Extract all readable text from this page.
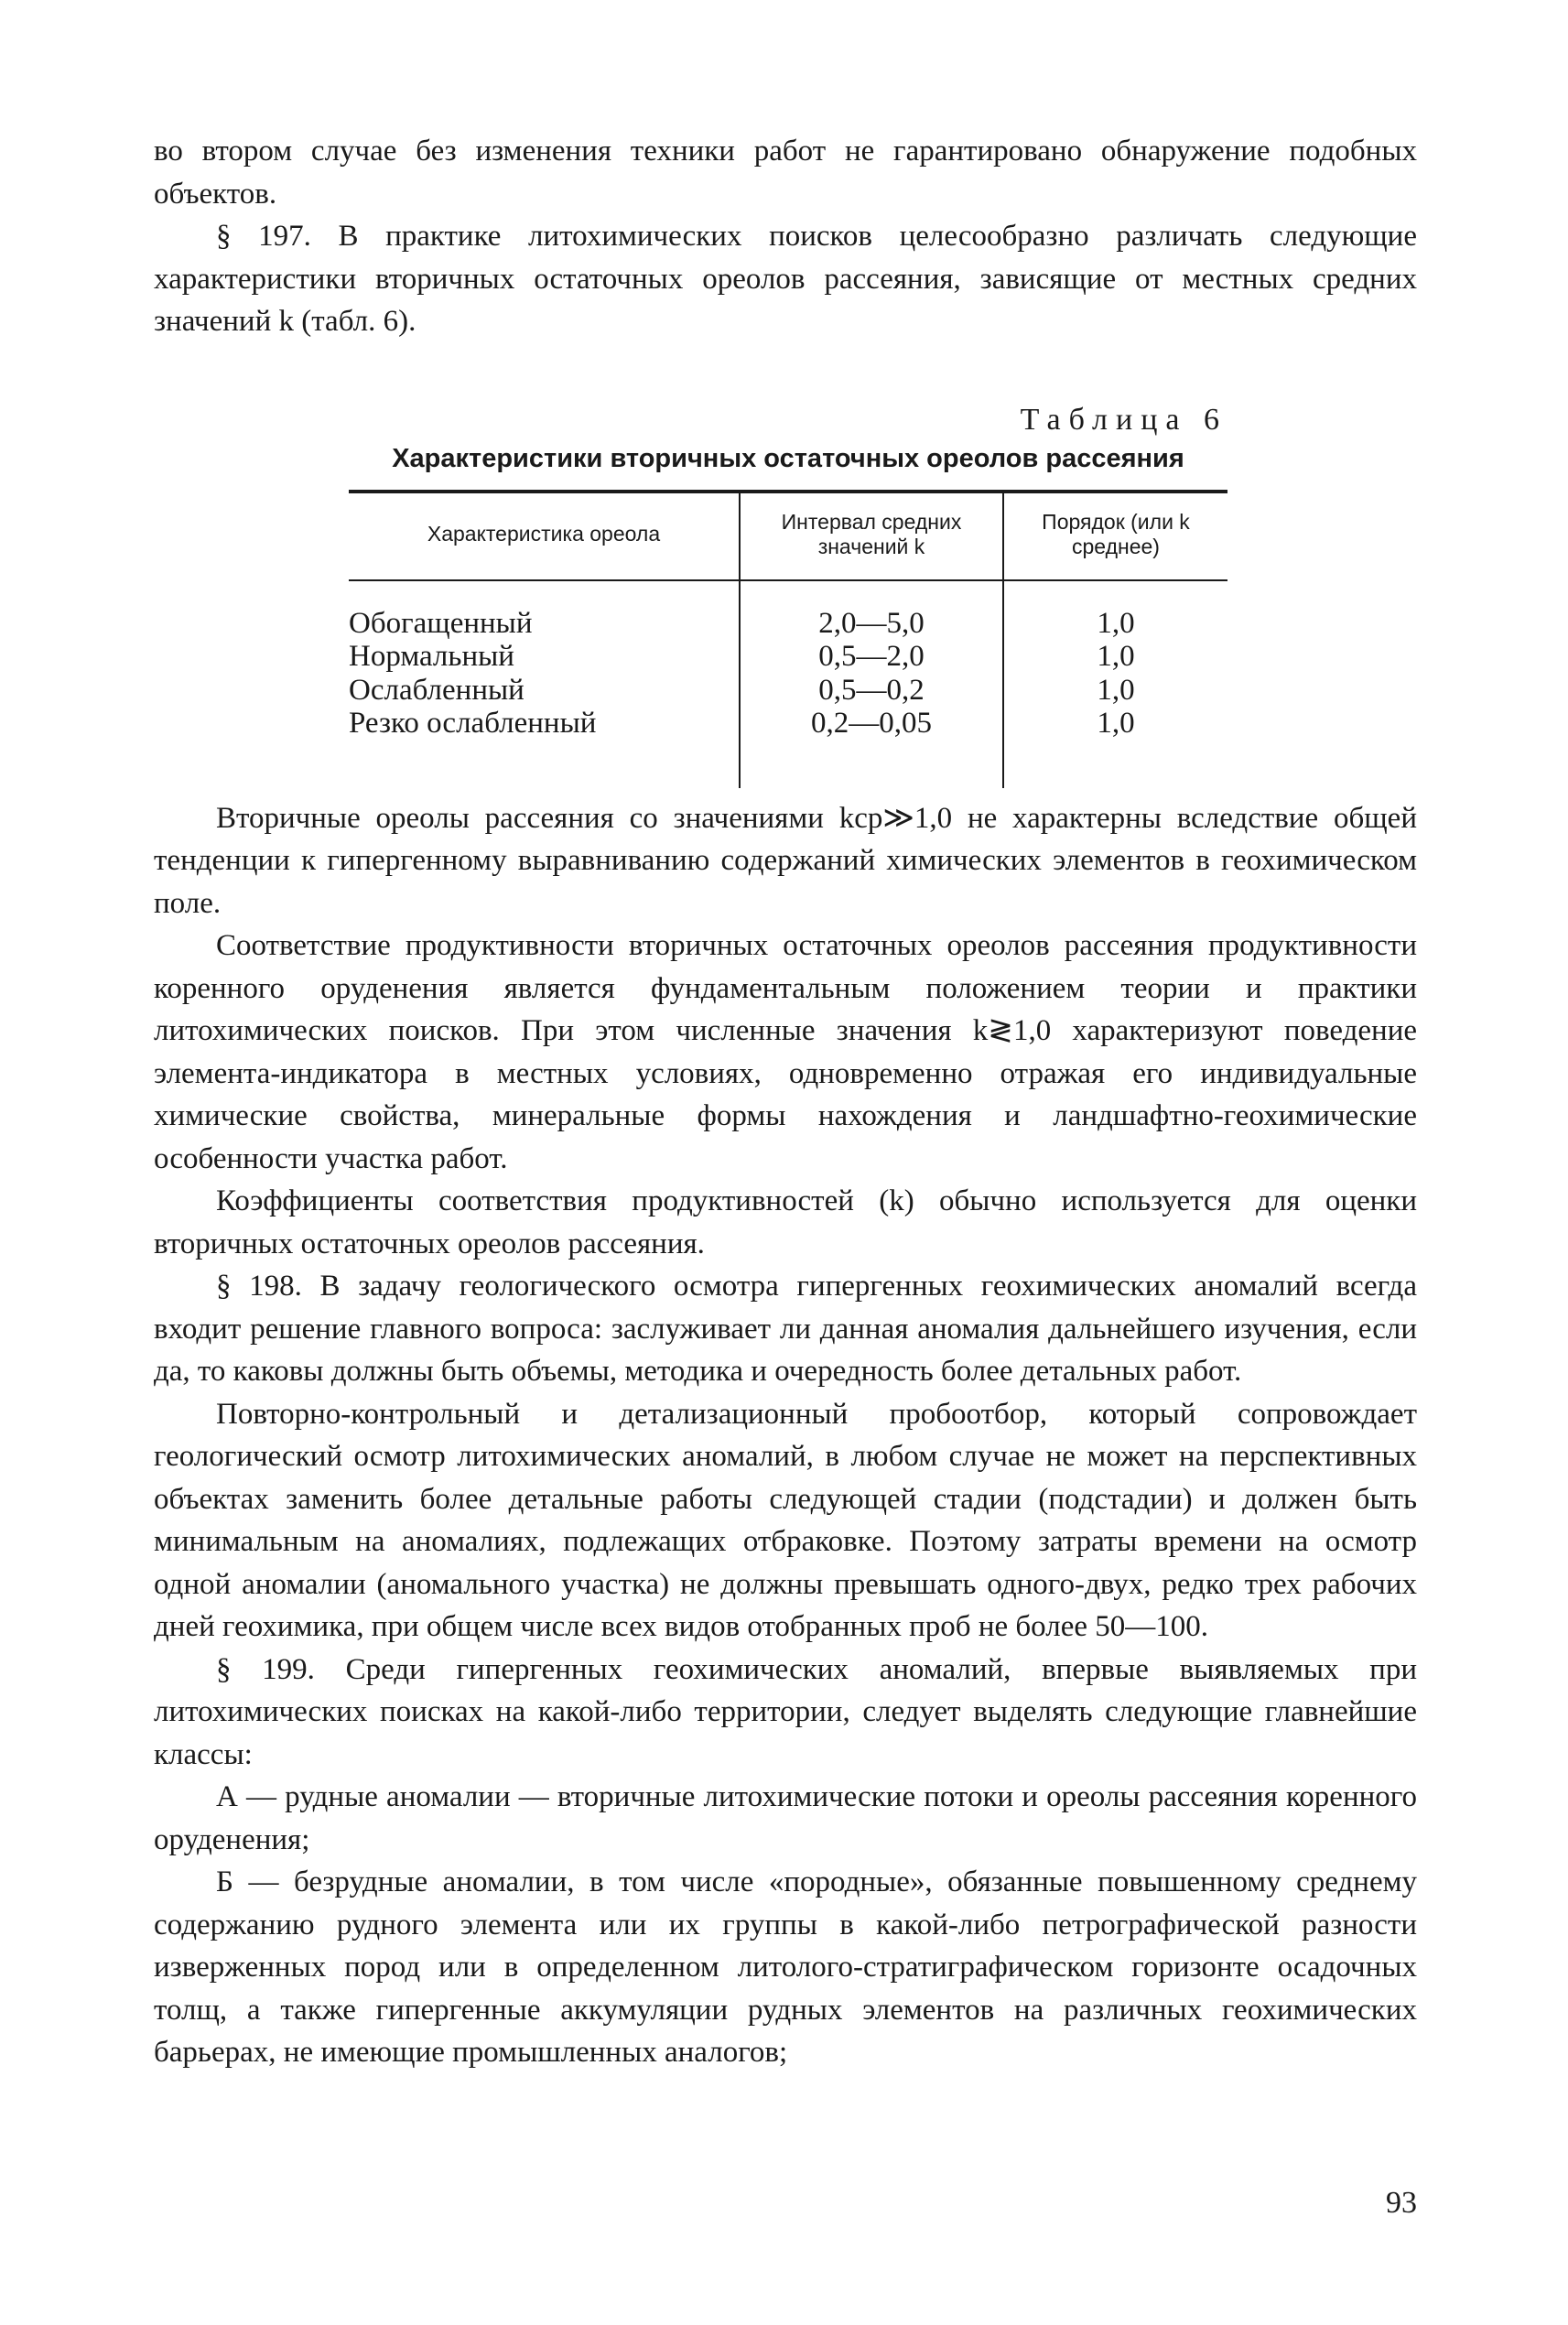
во втором случае без изменения техники работ не гарантировано обнаружение подобных объектов.

§ 197. В практике литохимических поисков целесообразно различать следующие характеристики вторичных остаточных ореолов рассеяния, зависящие от местных средних значений k (табл. 6).

Таблица 6
Характеристики вторичных остаточных ореолов рассеяния
Характеристика ореола	Интервал средних значений k	Порядок (или k среднее)
Обогащенный	2,0—5,0	1,0
Нормальный	0,5—2,0	1,0
Ослабленный	0,5—0,2	1,0
Резко ослабленный	0,2—0,05	1,0

Вторичные ореолы рассеяния со значениями kср≫1,0 не характерны вследствие общей тенденции к гипергенному выравниванию содержаний химических элементов в геохимическом поле.

Соответствие продуктивности вторичных остаточных ореолов рассеяния продуктивности коренного оруденения является фундаментальным положением теории и практики литохимических поисков. При этом численные значения k≷1,0 характеризуют поведение элемента-индикатора в местных условиях, одновременно отражая его индивидуальные химические свойства, минеральные формы нахождения и ландшафтно-геохимические особенности участка работ.

Коэффициенты соответствия продуктивностей (k) обычно используется для оценки вторичных остаточных ореолов рассеяния.

§ 198. В задачу геологического осмотра гипергенных геохимических аномалий всегда входит решение главного вопроса: заслуживает ли данная аномалия дальнейшего изучения, если да, то каковы должны быть объемы, методика и очередность более детальных работ.

Повторно-контрольный и детализационный пробоотбор, который сопровождает геологический осмотр литохимических аномалий, в любом случае не может на перспективных объектах заменить более детальные работы следующей стадии (подстадии) и должен быть минимальным на аномалиях, подлежащих отбраковке. Поэтому затраты времени на осмотр одной аномалии (аномального участка) не должны превышать одного-двух, редко трех рабочих дней геохимика, при общем числе всех видов отобранных проб не более 50—100.

§ 199. Среди гипергенных геохимических аномалий, впервые выявляемых при литохимических поисках на какой-либо территории, следует выделять следующие главнейшие классы:

А — рудные аномалии — вторичные литохимические потоки и ореолы рассеяния коренного оруденения;

Б — безрудные аномалии, в том числе «породные», обязанные повышенному среднему содержанию рудного элемента или их группы в какой-либо петрографической разности изверженных пород или в определенном литолого-стратиграфическом горизонте осадочных толщ, а также гипергенные аккумуляции рудных элементов на различных геохимических барьерах, не имеющие промышленных аналогов;

93
